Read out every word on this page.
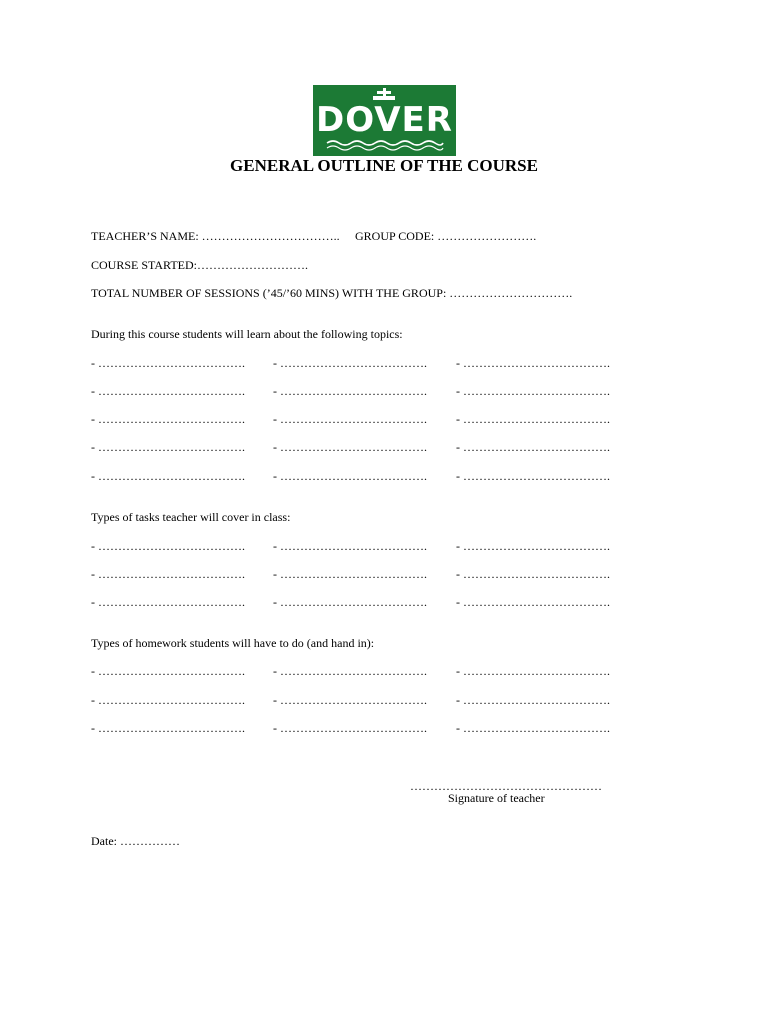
DOVER
GENERAL OUTLINE OF THE COURSE
TEACHER’S NAME: …………………………….. GROUP CODE: …………………….
COURSE STARTED:……………………….
TOTAL NUMBER OF SESSIONS (’45/’60 MINS) WITH THE GROUP: ………………………….
During this course students will learn about the following topics:
- ………………………………. - ………………………………. - ……………………………….
- ………………………………. - ………………………………. - ……………………………….
- ………………………………. - ………………………………. - ……………………………….
- ………………………………. - ………………………………. - ……………………………….
- ………………………………. - ………………………………. - ……………………………….
Types of tasks teacher will cover in class:
- ………………………………. - ………………………………. - ……………………………….
- ………………………………. - ………………………………. - ……………………………….
- ………………………………. - ………………………………. - ……………………………….
Types of homework students will have to do (and hand in):
- ………………………………. - ………………………………. - ……………………………….
- ………………………………. - ………………………………. - ……………………………….
- ………………………………. - ………………………………. - ……………………………….
…………………………………………
Signature of teacher
Date: ……………
